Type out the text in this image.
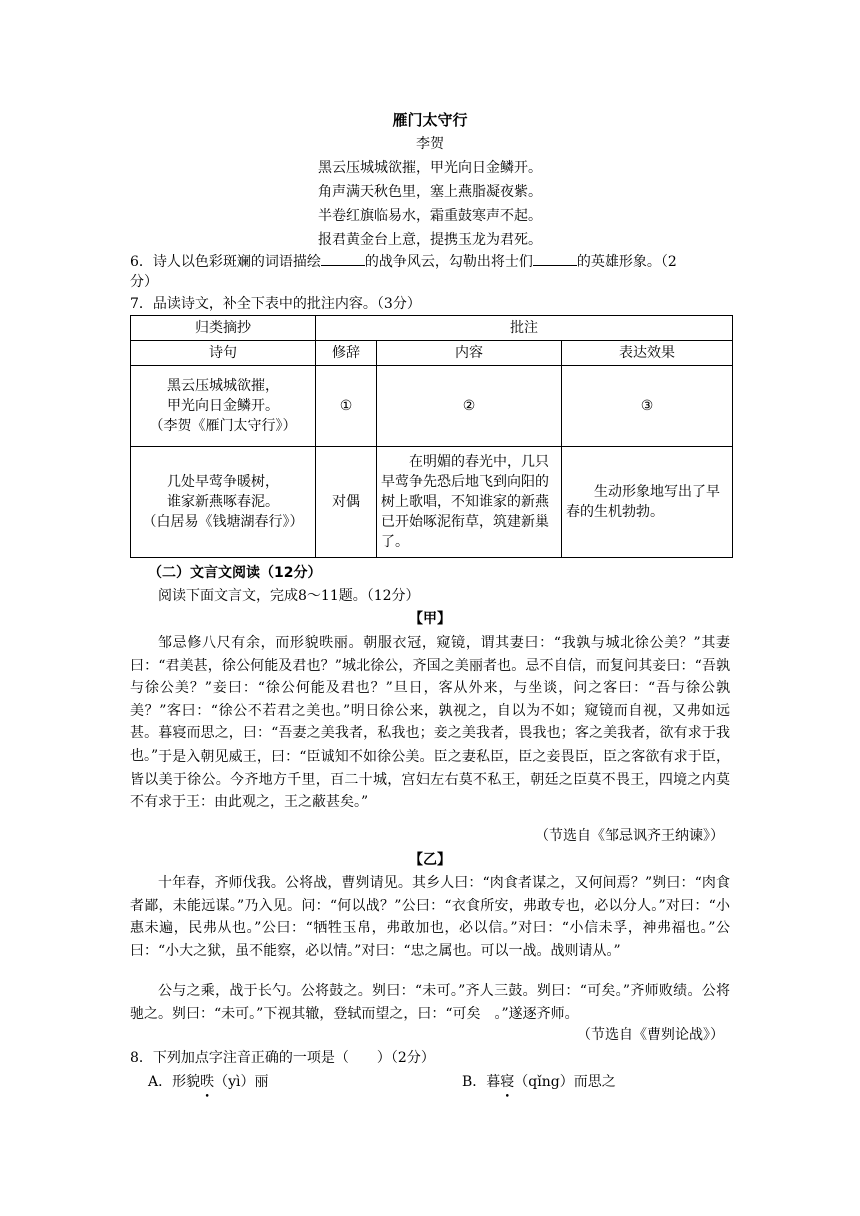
雁门太守行
李贺
黑云压城城欲摧，甲光向日金鳞开。
角声满天秋色里，塞上燕脂凝夜紫。
半卷红旗临易水，霜重鼓寒声不起。
报君黄金台上意，提携玉龙为君死。
6．诗人以色彩斑斓的词语描绘	的战争风云，勾勒出将士们	的英雄形象。（2
分）
7．品读诗文，补全下表中的批注内容。（3分）
归类摘抄	批注		
诗句	修辞	内容	表达效果

黑云压城城欲摧，
甲光向日金鳞开。
（李贺《雁门太守行》）	①	②	③

几处早莺争暖树，
谁家新燕啄春泥。
（白居易《钱塘湖春行》）	对偶	在明媚的春光中，几只早莺争先恐后地飞到向阳的树上歌唱，不知谁家的新燕已开始啄泥衔草，筑建新巢了。	生动形象地写出了早春的生机勃勃。
（二）文言文阅读（12分）
阅读下面文言文，完成8～11题。（12分）
【甲】
邹忌修八尺有余，而形貌昳丽。朝服衣冠，窥镜，谓其妻曰：“我孰与城北徐公美？”其妻曰：“君美甚，徐公何能及君也？”城北徐公，齐国之美丽者也。忌不自信，而复问其妾曰：“吾孰与徐公美？”妾曰：“徐公何能及君也？”旦日，客从外来，与坐谈，问之客曰：“吾与徐公孰美？”客曰：“徐公不若君之美也。”明日徐公来，孰视之，自以为不如；窥镜而自视，又弗如远甚。暮寝而思之，曰：“吾妻之美我者，私我也；妾之美我者，畏我也；客之美我者，欲有求于我也。” 于是入朝见威王，曰：“臣诚知不如徐公美。臣之妻私臣，臣之妾畏臣，臣之客欲有求于臣，皆以美于徐公。今齐地方千里，百二十城，宫妇左右莫不私王，朝廷之臣莫不畏王，四境之内莫不有求于王：由此观之，王之蔽甚矣。”
（节选自《邹忌讽齐王纳谏》）
【乙】
十年春，齐师伐我。公将战，曹刿请见。其乡人曰：“肉食者谋之，又何间焉？”刿曰：“肉食者鄙，未能远谋。”乃入见。问：“何以战？”公曰：“衣食所安，弗敢专也，必以分人。”对曰：“小惠未遍，民弗从也。”公曰：“牺牲玉帛，弗敢加也，必以信。”对曰：“小信未孚，神弗福也。”公曰：“小大之狱，虽不能察，必以情。”对曰：“忠之属也。可以一战。战则请从。”
公与之乘，战于长勺。公将鼓之。刿曰：“未可。”齐人三鼓。刿曰：“可矣。”齐师败绩。公将驰之。刿曰：“未可。”下视其辙，登轼而望之，曰：“可矣　。”遂逐齐师。
（节选自《曹刿论战》）
8．下列加点字注音正确的一项是（　　）（2分）
A．形貌昳（yì）丽	B．暮寝（qǐng）而思之
